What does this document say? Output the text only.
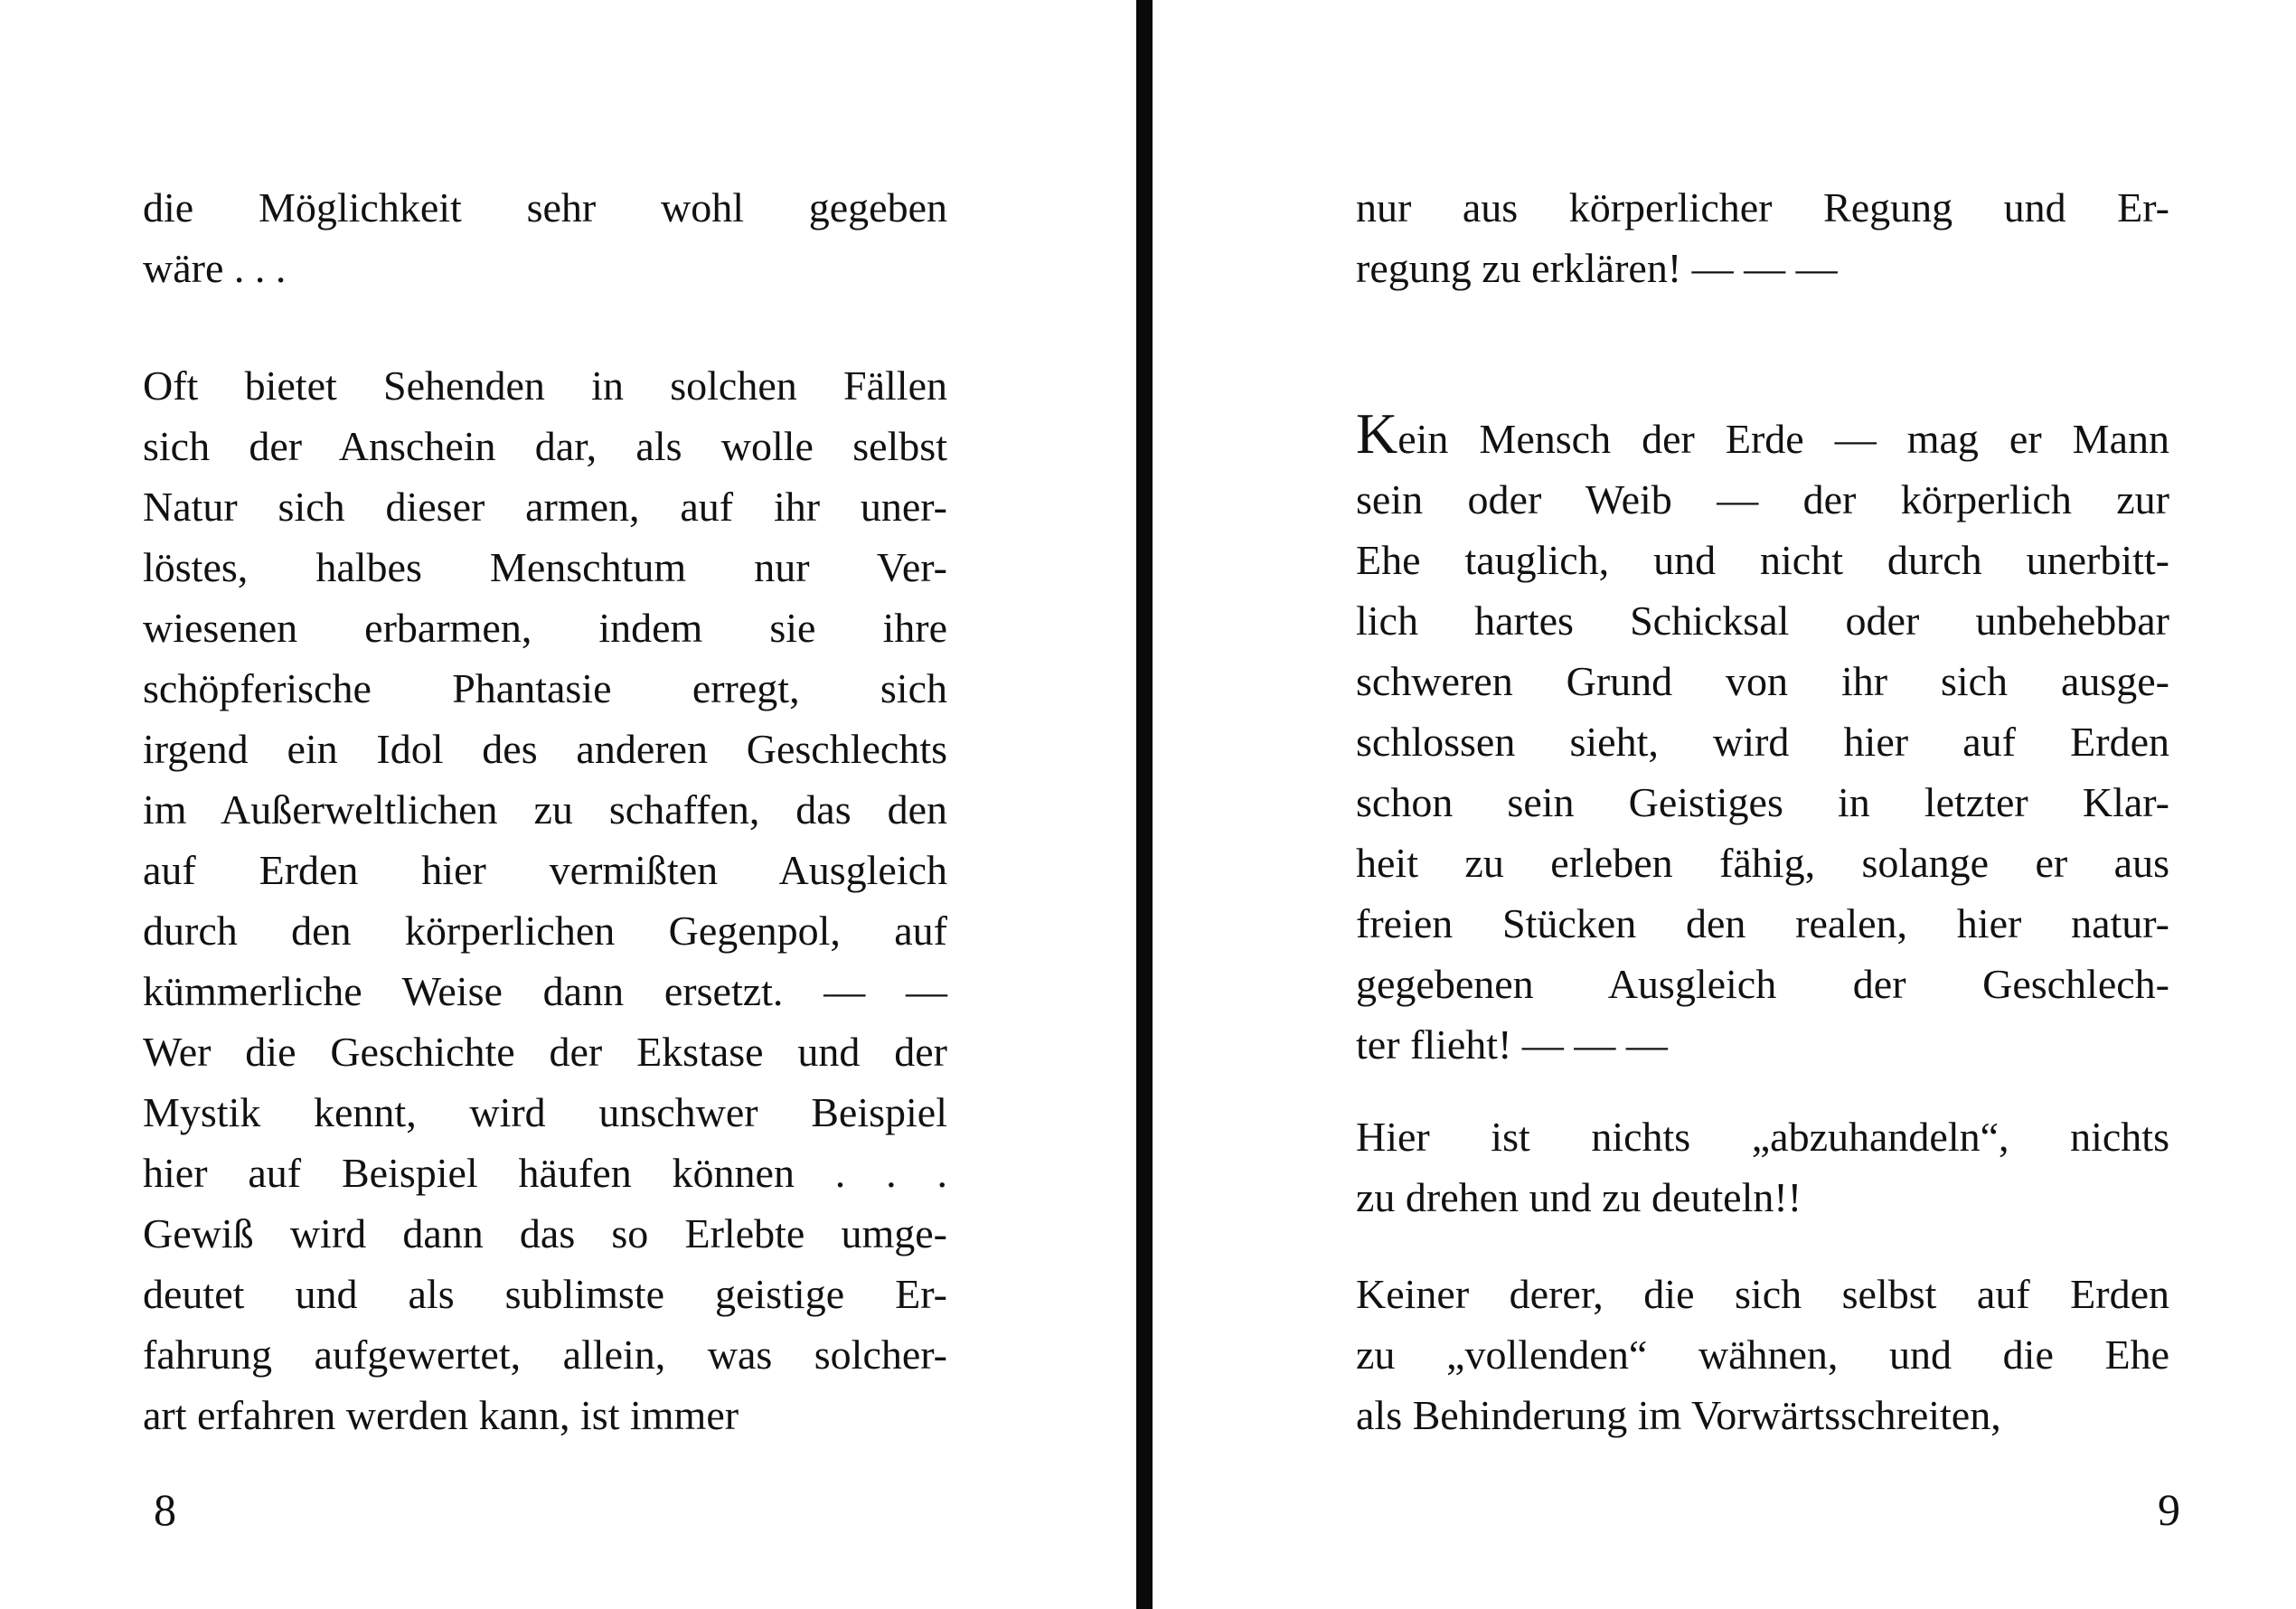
die Möglichkeit sehr wohl gegeben
wäre . . .
Oft bietet Sehenden in solchen Fällen
sich der Anschein dar, als wolle selbst
Natur sich dieser armen, auf ihr uner-
löstes, halbes Menschtum nur Ver-
wiesenen erbarmen, indem sie ihre
schöpferische Phantasie erregt, sich
irgend ein Idol des anderen Geschlechts
im Außerweltlichen zu schaffen, das den
auf Erden hier vermißten Ausgleich
durch den körperlichen Gegenpol, auf
kümmerliche Weise dann ersetzt. — —
Wer die Geschichte der Ekstase und der
Mystik kennt, wird unschwer Beispiel
hier auf Beispiel häufen können . . .
Gewiß wird dann das so Erlebte umge-
deutet und als sublimste geistige Er-
fahrung aufgewertet, allein, was solcher-
art erfahren werden kann, ist immer
8
nur aus körperlicher Regung und Er-
regung zu erklären! — — —
Kein Mensch der Erde — mag er Mann
sein oder Weib — der körperlich zur
Ehe tauglich, und nicht durch unerbitt-
lich hartes Schicksal oder unbehebbar
schweren Grund von ihr sich ausge-
schlossen sieht, wird hier auf Erden
schon sein Geistiges in letzter Klar-
heit zu erleben fähig, solange er aus
freien Stücken den realen, hier natur-
gegebenen Ausgleich der Geschlech-
ter flieht! — — —
Hier ist nichts „abzuhandeln“, nichts
zu drehen und zu deuteln!!
Keiner derer, die sich selbst auf Erden
zu „vollenden“ wähnen, und die Ehe
als Behinderung im Vorwärtsschreiten,
9
